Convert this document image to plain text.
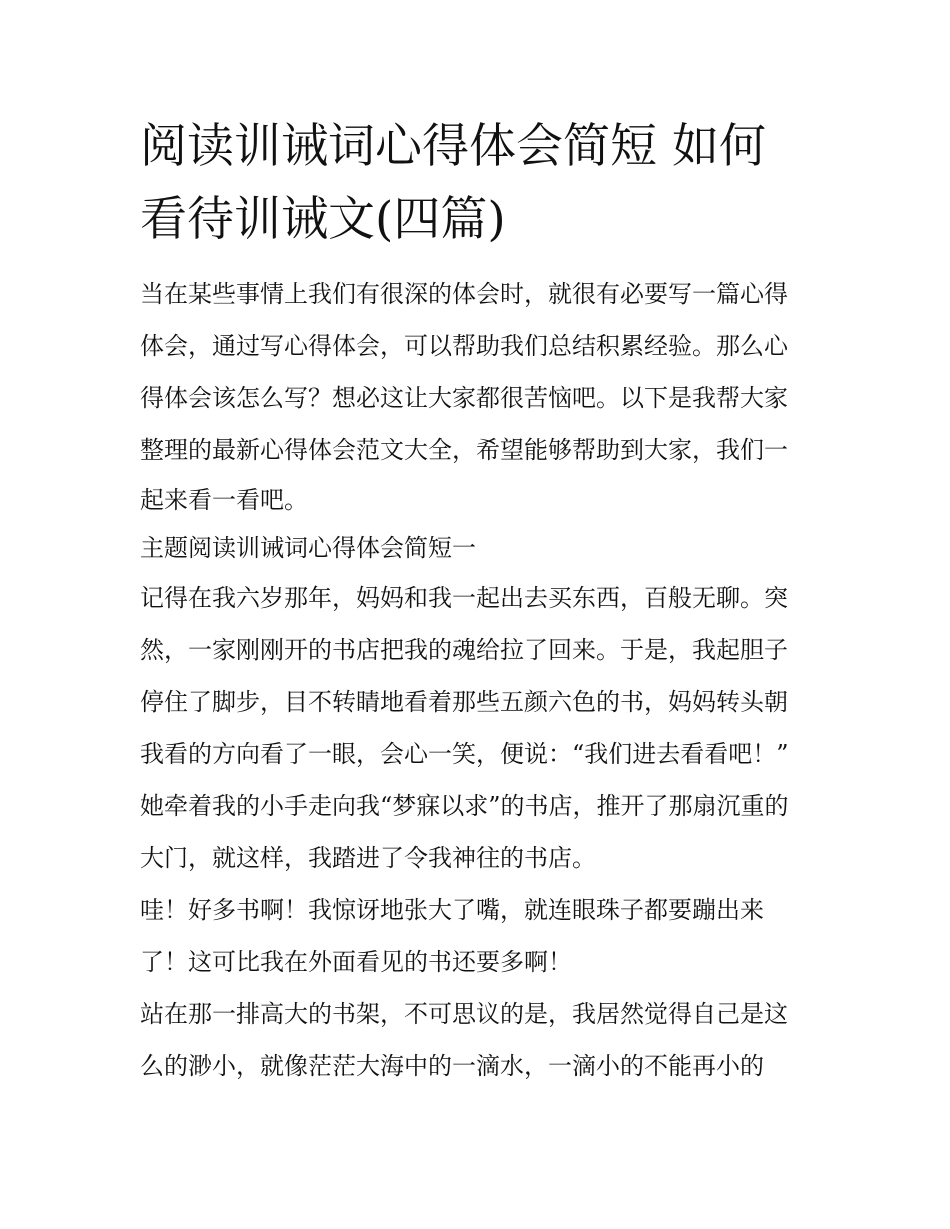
阅读训诫词心得体会简短 如何
看待训诫文(四篇)
当在某些事情上我们有很深的体会时，就很有必要写一篇心得
体会，通过写心得体会，可以帮助我们总结积累经验。那么心
得体会该怎么写？想必这让大家都很苦恼吧。以下是我帮大家
整理的最新心得体会范文大全，希望能够帮助到大家，我们一
起来看一看吧。
主题阅读训诫词心得体会简短一
记得在我六岁那年，妈妈和我一起出去买东西，百般无聊。突
然，一家刚刚开的书店把我的魂给拉了回来。于是，我起胆子
停住了脚步，目不转睛地看着那些五颜六色的书，妈妈转头朝
我看的方向看了一眼，会心一笑，便说：“我们进去看看吧！”
她牵着我的小手走向我“梦寐以求”的书店，推开了那扇沉重的
大门，就这样，我踏进了令我神往的书店。
哇！好多书啊！我惊讶地张大了嘴，就连眼珠子都要蹦出来
了！这可比我在外面看见的书还要多啊！
站在那一排高大的书架，不可思议的是，我居然觉得自己是这
么的渺小，就像茫茫大海中的一滴水，一滴小的不能再小的
